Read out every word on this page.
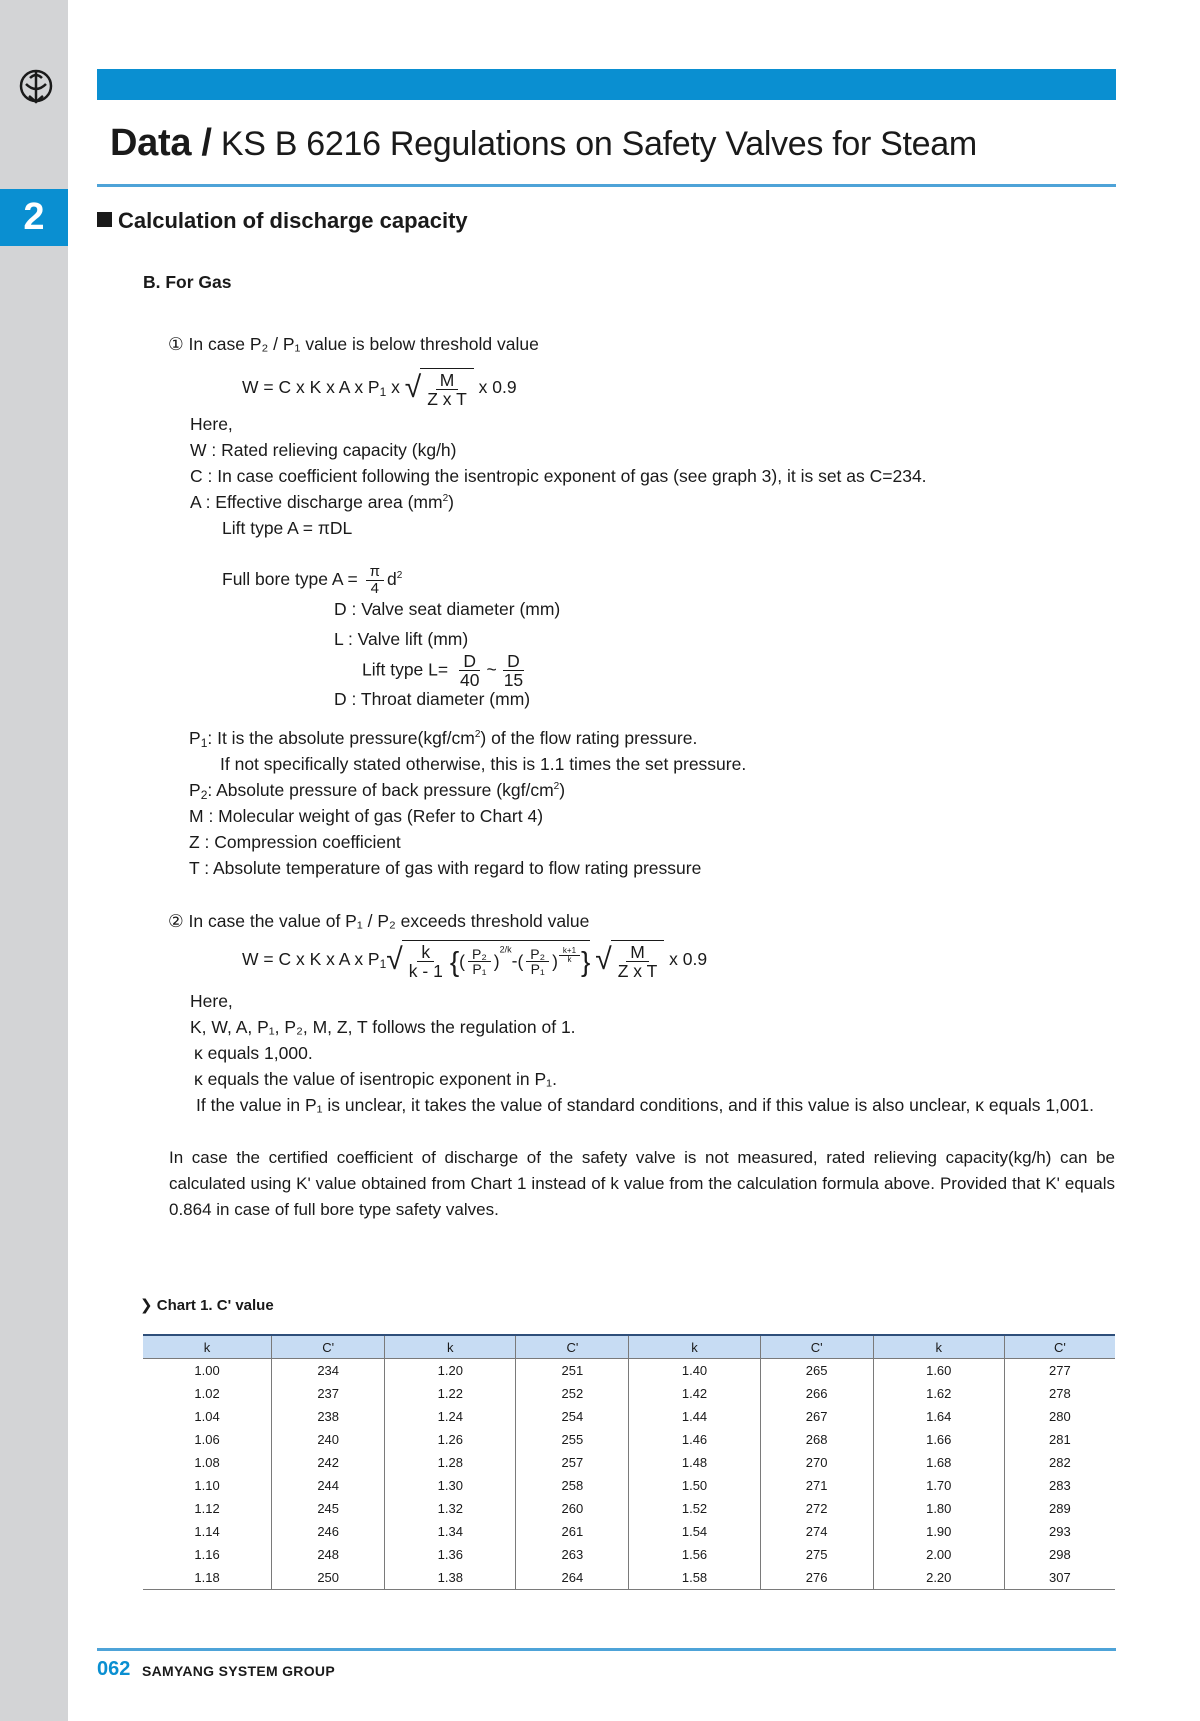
2
Data / KS B 6216 Regulations on Safety Valves for Steam
Calculation of discharge capacity
B. For Gas
① In case P₂ / P₁ value is below threshold value
W = C x K x A x P1 x √ $\frac{M}{\text{Z x T}}$ x 0.9
Here,
W : Rated relieving capacity (kg/h)
C : In case coefficient following the isentropic exponent of gas (see graph 3), it is set as C=234.
A : Effective discharge area $(mm^2)$
Lift type A = πDL
Full bore type $A = \frac{\pi}{4} d^2$
D : Valve seat diameter (mm)
L : Valve lift (mm)
Lift type $L= \frac{D}{40}$ ~ $\frac{D}{15}$
D : Throat diameter (mm)
P1: It is the absolute $pressure(kgf/cm^2)$ of the flow rating pressure.
If not specifically stated otherwise, this is 1.1 times the set pressure.
P2: Absolute pressure of back pressure $(kgf/cm^2)$
M : Molecular weight of gas (Refer to Chart 4)
Z : Compression coefficient
T : Absolute temperature of gas with regard to flow rating pressure
② In case the value of P₁ / P₂ exceeds threshold value
W = C x K x A x P1 √ $\frac{k}{k - 1}$ {( $\frac{\text{P₂}}{\text{P₁}} )^{2/k}-( \frac{\text{P₂}}{\text{P₁}}$ ) $\frac{k+1}{k}$ }
√ $\frac{M}{\text{Z x T}}$ x 0.9
Here,
K, W, A, P₁, P₂, M, Z, T follows the regulation of 1.
κ equals 1,000.
κ equals the value of isentropic exponent in P₁.
If the value in P₁ is unclear, it takes the value of standard conditions, and if this value is also unclear, κ equals 1,001.
In case the certified coefficient of discharge of the safety valve is not measured, rated relieving capacity(kg/h) can be calculated using K' value obtained from Chart 1 instead of k value from the calculation formula above. Provided that K' equals 0.864 in case of full bore type safety valves.
❯ Chart 1. C' value
k	C'	k	C'	k	C'	k	C'
1.00	234	1.20	251	1.40	265	1.60	277
1.02	237	1.22	252	1.42	266	1.62	278
1.04	238	1.24	254	1.44	267	1.64	280
1.06	240	1.26	255	1.46	268	1.66	281
1.08	242	1.28	257	1.48	270	1.68	282
1.10	244	1.30	258	1.50	271	1.70	283
1.12	245	1.32	260	1.52	272	1.80	289
1.14	246	1.34	261	1.54	274	1.90	293
1.16	248	1.36	263	1.56	275	2.00	298
1.18	250	1.38	264	1.58	276	2.20	307
062 SAMYANG SYSTEM GROUP
